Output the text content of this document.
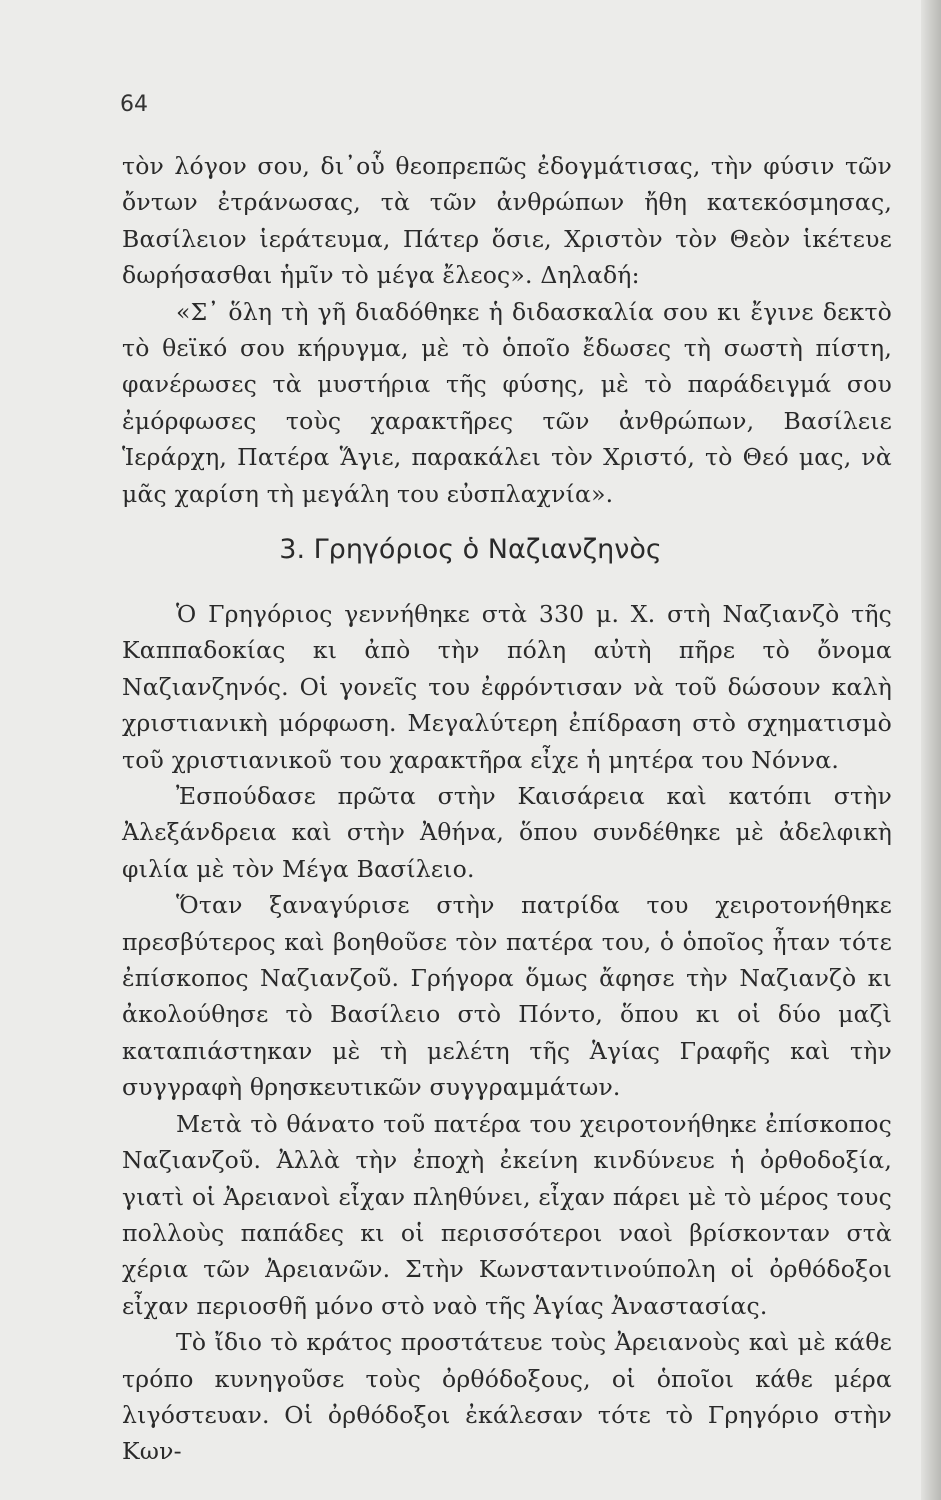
64

τὸν λόγον σου, δι᾿οὗ θεοπρεπῶς ἐδογμάτισας, τὴν φύσιν τῶν ὄντων ἐτράνωσας, τὰ τῶν ἀνθρώπων ἤθη κατεκόσμησας, Βασίλειον ἱεράτευμα, Πάτερ ὅσιε, Χριστὸν τὸν Θεὸν ἱκέτευε δωρήσασθαι ἡμῖν τὸ μέγα ἔλεος». Δηλαδή:

«Σ᾿ ὅλη τὴ γῆ διαδόθηκε ἡ διδασκαλία σου κι ἔγινε δεκτὸ τὸ θεϊκό σου κήρυγμα, μὲ τὸ ὁποῖο ἔδωσες τὴ σωστὴ πίστη, φανέρωσες τὰ μυστήρια τῆς φύσης, μὲ τὸ παράδειγμά σου ἐμόρφωσες τοὺς χαρακτῆρες τῶν ἀνθρώπων, Βασίλειε Ἱεράρχη, Πατέρα Ἅγιε, παρακάλει τὸν Χριστό, τὸ Θεό μας, νὰ μᾶς χαρίση τὴ μεγάλη του εὐσπλαχνία».

3. Γρηγόριος ὁ Ναζιανζηνὸς

Ὁ Γρηγόριος γεννήθηκε στὰ 330 μ. Χ. στὴ Ναζιανζὸ τῆς Καππαδοκίας κι ἀπὸ τὴν πόλη αὐτὴ πῆρε τὸ ὄνομα Ναζιανζηνός. Οἱ γονεῖς του ἐφρόντισαν νὰ τοῦ δώσουν καλὴ χριστιανικὴ μόρφωση. Μεγαλύτερη ἐπίδραση στὸ σχηματισμὸ τοῦ χριστιανικοῦ του χαρακτῆρα εἶχε ἡ μητέρα του Νόννα.

Ἐσπούδασε πρῶτα στὴν Καισάρεια καὶ κατόπι στὴν Ἀλεξάνδρεια καὶ στὴν Ἀθήνα, ὅπου συνδέθηκε μὲ ἀδελφικὴ φιλία μὲ τὸν Μέγα Βασίλειο.

Ὅταν ξαναγύρισε στὴν πατρίδα του χειροτονήθηκε πρεσβύτερος καὶ βοηθοῦσε τὸν πατέρα του, ὁ ὁποῖος ἦταν τότε ἐπίσκοπος Ναζιανζοῦ. Γρήγορα ὅμως ἄφησε τὴν Ναζιανζὸ κι ἀκολούθησε τὸ Βασίλειο στὸ Πόντο, ὅπου κι οἱ δύο μαζὶ καταπιάστηκαν μὲ τὴ μελέτη τῆς Ἁγίας Γραφῆς καὶ τὴν συγγραφὴ θρησκευτικῶν συγγραμμάτων.

Μετὰ τὸ θάνατο τοῦ πατέρα του χειροτονήθηκε ἐπίσκοπος Ναζιανζοῦ. Ἀλλὰ τὴν ἐποχὴ ἐκείνη κινδύνευε ἡ ὀρθοδοξία, γιατὶ οἱ Ἀρειανοὶ εἶχαν πληθύνει, εἶχαν πάρει μὲ τὸ μέρος τους πολλοὺς παπάδες κι οἱ περισσότεροι ναοὶ βρίσκονταν στὰ χέρια τῶν Ἀρειανῶν. Στὴν Κωνσταντινούπολη οἱ ὀρθόδοξοι εἶχαν περιοσθῆ μόνο στὸ ναὸ τῆς Ἁγίας Ἀναστασίας.

Τὸ ἴδιο τὸ κράτος προστάτευε τοὺς Ἀρειανοὺς καὶ μὲ κάθε τρόπο κυνηγοῦσε τοὺς ὀρθόδοξους, οἱ ὁποῖοι κάθε μέρα λιγόστευαν. Οἱ ὀρθόδοξοι ἐκάλεσαν τότε τὸ Γρηγόριο στὴν Κων-
